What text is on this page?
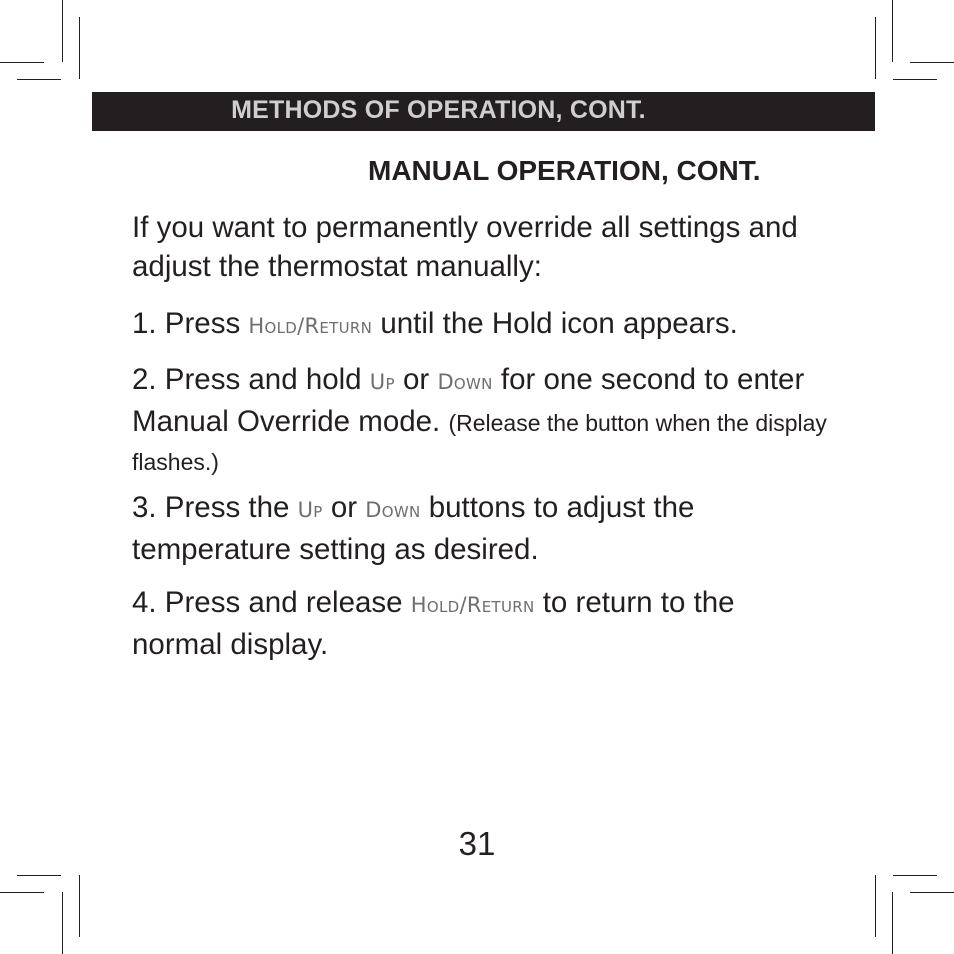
METHODS OF OPERATION, CONT.
MANUAL OPERATION, CONT.

If you want to permanently override all settings and adjust the thermostat manually:

1. Press Hold/Return until the Hold icon appears.

2. Press and hold Up or Down for one second to enter Manual Override mode. (Release the button when the display flashes.)

3. Press the Up or Down buttons to adjust the temperature setting as desired.

4. Press and release Hold/Return to return to the normal display.

31
